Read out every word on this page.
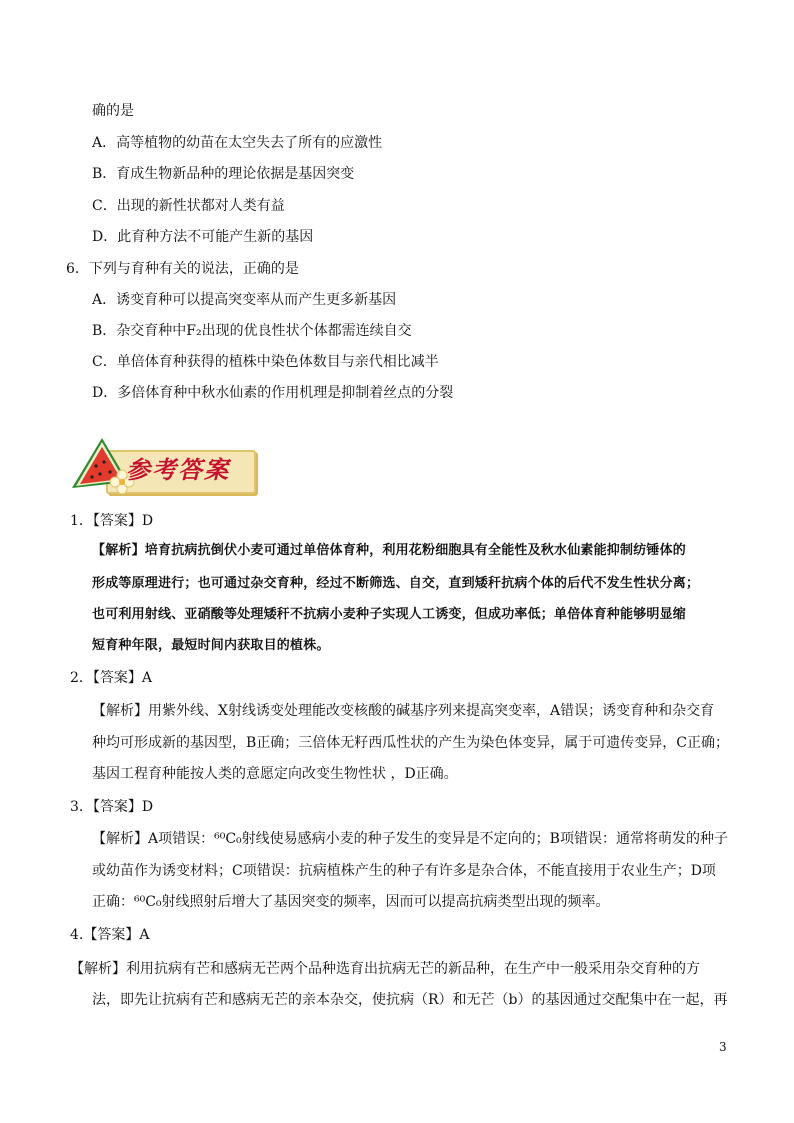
确的是
A．高等植物的幼苗在太空失去了所有的应激性
B．育成生物新品种的理论依据是基因突变
C．出现的新性状都对人类有益
D．此育种方法不可能产生新的基因
6．下列与育种有关的说法，正确的是
A．诱变育种可以提高突变率从而产生更多新基因
B．杂交育种中F₂出现的优良性状个体都需连续自交
C．单倍体育种获得的植株中染色体数目与亲代相比减半
D．多倍体育种中秋水仙素的作用机理是抑制着丝点的分裂
参考答案
1．【答案】D
【解析】培育抗病抗倒伏小麦可通过单倍体育种，利用花粉细胞具有全能性及秋水仙素能抑制纺锤体的
形成等原理进行；也可通过杂交育种，经过不断筛选、自交，直到矮秆抗病个体的后代不发生性状分离；
也可利用射线、亚硝酸等处理矮秆不抗病小麦种子实现人工诱变，但成功率低；单倍体育种能够明显缩
短育种年限，最短时间内获取目的植株。
2．【答案】A
【解析】用紫外线、X射线诱变处理能改变核酸的碱基序列来提高突变率，A错误；诱变育种和杂交育
种均可形成新的基因型，B正确；三倍体无籽西瓜性状的产生为染色体变异，属于可遗传变异，C正确；
基因工程育种能按人类的意愿定向改变生物性状 ，D正确。
3．【答案】D
【解析】A项错误：⁶⁰C₀射线使易感病小麦的种子发生的变异是不定向的；B项错误：通常将萌发的种子
或幼苗作为诱变材料；C项错误：抗病植株产生的种子有许多是杂合体，不能直接用于农业生产；D项
正确：⁶⁰C₀射线照射后增大了基因突变的频率，因而可以提高抗病类型出现的频率。
4.【答案】A
【解析】利用抗病有芒和感病无芒两个品种选育出抗病无芒的新品种，在生产中一般采用杂交育种的方
法，即先让抗病有芒和感病无芒的亲本杂交，使抗病（R）和无芒（b）的基因通过交配集中在一起，再
3
